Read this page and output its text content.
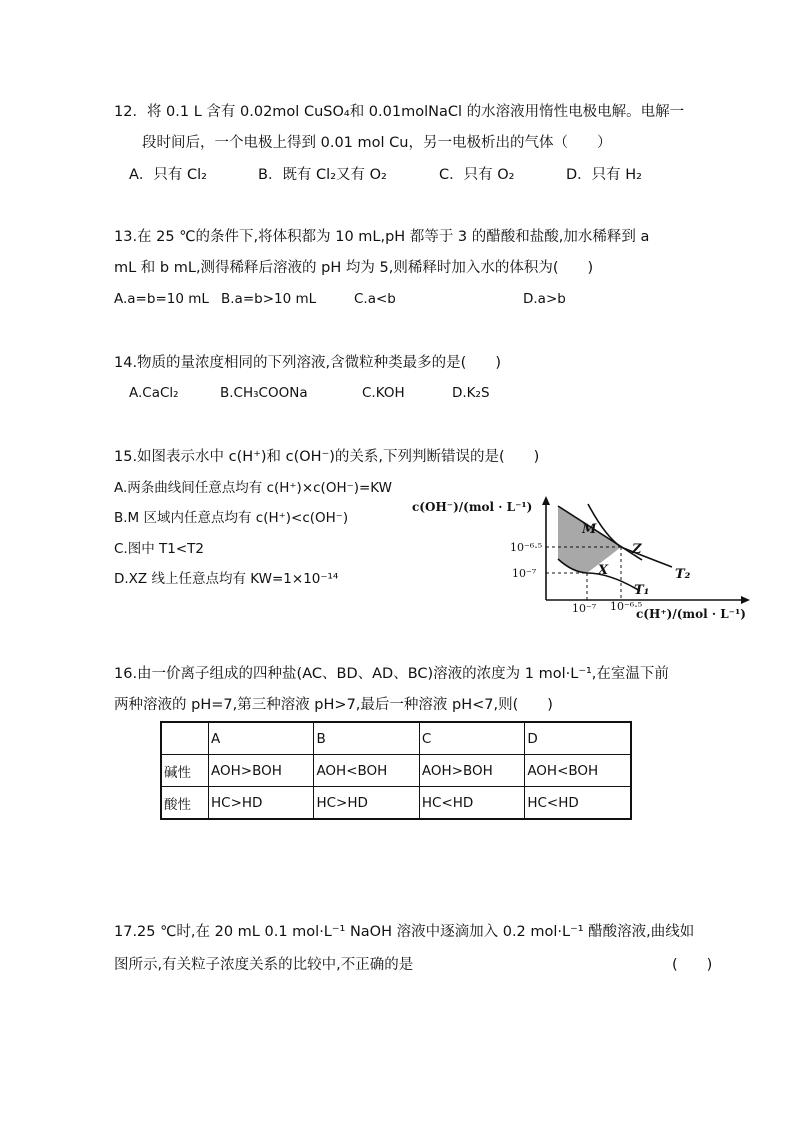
12．将 0.1 L 含有 0.02mol CuSO₄和 0.01molNaCl 的水溶液用惰性电极电解。电解一
段时间后，一个电极上得到 0.01 mol Cu，另一电极析出的气体（　　）
A．只有 Cl₂	B．既有 Cl₂又有 O₂	C．只有 O₂	D．只有 H₂
13.在 25 ℃的条件下,将体积都为 10 mL,pH 都等于 3 的醋酸和盐酸,加水稀释到 a
mL 和 b mL,测得稀释后溶液的 pH 均为 5,则稀释时加入水的体积为(　　)
A.a=b=10 mL B.a=b>10 mL	C.a<b	D.a>b
14.物质的量浓度相同的下列溶液,含微粒种类最多的是(　　)
A.CaCl₂	B.CH₃COONa	C.KOH	D.K₂S
15.如图表示水中 c(H⁺)和 c(OH⁻)的关系,下列判断错误的是(　　)
A.两条曲线间任意点均有 c(H⁺)×c(OH⁻)=KW
B.M 区域内任意点均有 c(H⁺)<c(OH⁻)
C.图中 T1<T2
D.XZ 线上任意点均有 KW=1×10⁻¹⁴
c(OH⁻)/(mol · L⁻¹)
10⁻⁶·⁵
10⁻⁷
10⁻⁷ 10⁻⁶·⁵
c(H⁺)/(mol · L⁻¹)
M
Z
X	T₂
T₁
16.由一价离子组成的四种盐(AC、BD、AD、BC)溶液的浓度为 1 mol·L⁻¹,在室温下前
两种溶液的 pH=7,第三种溶液 pH>7,最后一种溶液 pH<7,则(　　)
	A	B	C	D
碱性	AOH>BOH	AOH<BOH	AOH>BOH	AOH<BOH
酸性	HC>HD	HC>HD	HC<HD	HC<HD
17.25 ℃时,在 20 mL 0.1 mol·L⁻¹ NaOH 溶液中逐滴加入 0.2 mol·L⁻¹ 醋酸溶液,曲线如
图所示,有关粒子浓度关系的比较中,不正确的是	(　　)
